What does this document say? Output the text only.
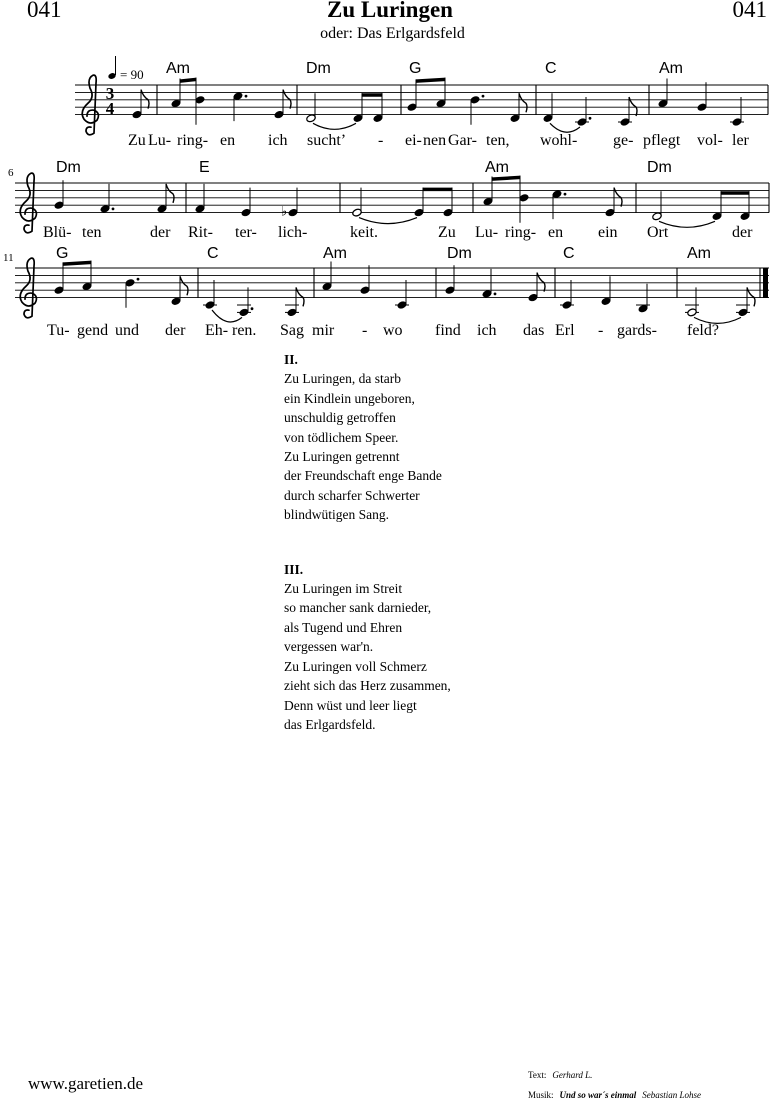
041	Zu Luringen	041
oder: Das Erlgardsfeld
3
4
= 90 Am	Dm	G	C	Am
Zu Lu- ring- en ich sucht’ - ei- nen Gar- ten, wohl- ge- pflegt vol- ler
6	Dm	E	Am	Dm
Blü- ten	der Rit- ter- lich-	keit.	Zu Lu- ring- en ein Ort	der
♭
11	G	C	Am	Dm	C	Am
Tu- gend und der Eh- ren. Sag mir - wo find ich das Erl - gards- feld?
II.
Zu Luringen, da starb
ein Kindlein ungeboren,
unschuldig getroffen
von tödlichem Speer.
Zu Luringen getrennt
der Freundschaft enge Bande
durch scharfer Schwerter
blindwütigen Sang.
III.
Zu Luringen im Streit
so mancher sank darnieder,
als Tugend und Ehren
vergessen war'n.
Zu Luringen voll Schmerz
zieht sich das Herz zusammen,
Denn wüst und leer liegt
das Erlgardsfeld.
www.garetien.de	Text: Gerhard L.
Musik: Und so war´s einmal Sebastian Lohse
